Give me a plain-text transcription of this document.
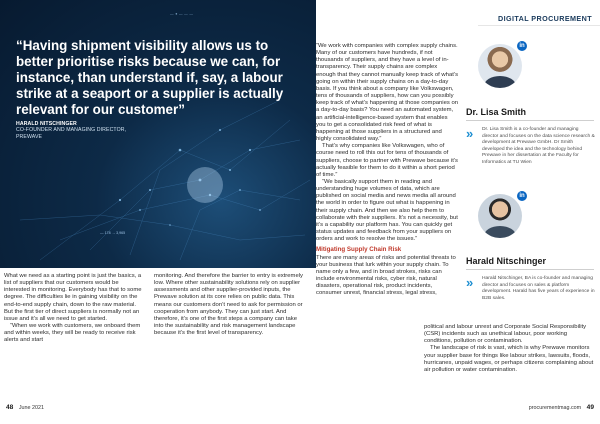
— ● — — —
“Having shipment visibility allows us to better prioritise risks because we can, for instance, than understand if, say, a labour strike at a seaport or a supplier is actually relevant for our customer”
HARALD NITSCHINGER
CO-FOUNDER AND MANAGING DIRECTOR,
PREWAVE
— 178 → 3,965

What we need as a starting point is just the basics, a list of suppliers that our customers would be interested in monitoring. Everybody has that to some degree. The difficulties lie in gaining visibility on the end-to-end supply chain, down to the raw material. But the first tier of direct suppliers is normally not an issue and it’s all we need to get started.

“When we work with customers, we onboard them and within weeks, they will be ready to receive risk alerts and start

monitoring. And therefore the barrier to entry is extremely low. Where other sustainability solutions rely on supplier assessments and other supplier-provided inputs, the Prewave solution at its core relies on public data. This means our customers don’t need to ask for permission or cooperation from anybody. They can just start. And therefore, it’s one of the first steps a company can take into the sustainability and risk management landscape because it’s the first level of transparency.

“We work with companies with complex supply chains. Many of our customers have hundreds, if not thousands of suppliers, and they have a level of in-transparency. Their supply chains are complex enough that they cannot manually keep track of what’s going on within their supply chains on a day-to-day basis. If you think about a company like Volkswagen, tens of thousands of suppliers, how can you possibly keep track of what’s happening at those companies on a day-to-day basis? You need an automated system, an artificial-intelligence-based system that enables you to get a consolidated risk feed of what is happening at those suppliers in a structured and highly consolidated way.”

That’s why companies like Volkswagen, who of course need to roll this out for tens of thousands of suppliers, choose to partner with Prewave because it’s actually feasible for them to do it within a short period of time.”

“We basically support them in reading and understanding huge volumes of data, which are published on social media and news media all around the world in order to figure out what is happening in their supply chain. And then we also help them to collaborate with their suppliers. It’s not a necessity, but it’s a capability our platform has. You can quickly get status updates and feedback from your suppliers on orders and work to resolve the issues.”

Mitigating Supply Chain Risk

There are many areas of risks and potential threats to your business that lurk within your supply chain. To name only a few, and in broad strokes, risks can include environmental risks, cyber risk, natural disasters, operational risk, product incidents, consumer unrest, financial stress, legal stress,

political and labour unrest and Corporate Social Responsibility (CSR) incidents such as unethical labour, poor working conditions, pollution or contamination.

The landscape of risk is vast, which is why Prewave monitors your supplier base for things like labour strikes, lawsuits, floods, hurricanes, unpaid wages, or perhaps citizens complaining about air pollution or water contamination.

DIGITAL PROCUREMENT
in
Dr. Lisa Smith
»	Dr. Lisa Smith is a co-founder and managing director and focuses on the data science research & development at Prewave GmbH. Dr Smith developed the idea and the technology behind Prewave in her dissertation at the Faculty for Informatics at TU Wien
in
Harald Nitschinger
»	Harald Nitschinger, BA is co-founder and managing director and focuses on sales & platform development. Harald has five years of experience in B2B sales.
48 June 2021	procurementmag.com 49
